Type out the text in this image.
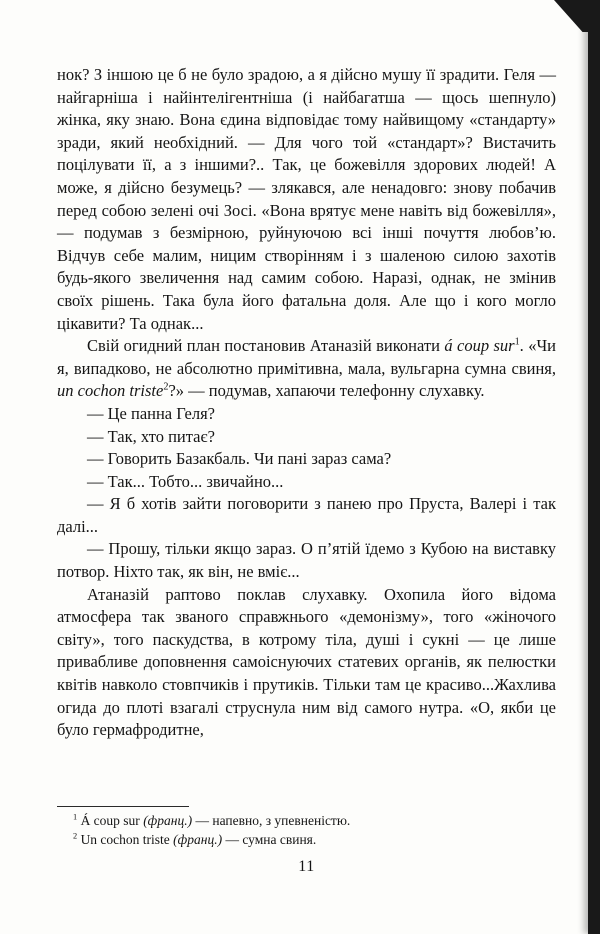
нок? З іншою це б не було зрадою, а я дійсно мушу її зрадити. Геля — найгарніша і найінтелігентніша (і найбагатша — щось шепнуло) жінка, яку знаю. Вона єдина відповідає тому найвищому «стандарту» зради, який необхідний. — Для чого той «стандарт»? Вистачить поцілувати її, а з іншими?.. Так, це божевілля здорових людей! А може, я дійсно безумець? — злякався, але ненадовго: знову побачив перед собою зелені очі Зосі. «Вона врятує мене навіть від божевілля», — подумав з безмірною, руйнуючою всі інші почуття любов’ю. Відчув себе малим, ницим створінням і з шаленою силою захотів будь-якого звеличення над самим собою. Наразі, однак, не змінив своїх рішень. Така була його фатальна доля. Але що і кого могло цікавити? Та однак...

Свій огидний план постановив Атаназій виконати á coup sur$^1$. «Чи я, випадково, не абсолютно примітивна, мала, вульгарна сумна свиня, un cochon triste$^2$?» — подумав, хапаючи телефонну слухавку.

— Це панна Геля?

— Так, хто питає?

— Говорить Базакбаль. Чи пані зараз сама?

— Так... Тобто... звичайно...

— Я б хотів зайти поговорити з панею про Пруста, Валері і так далі...

— Прошу, тільки якщо зараз. О п’ятій їдемо з Кубою на виставку потвор. Ніхто так, як він, не вміє...

Атаназій раптово поклав слухавку. Охопила його відома атмосфера так званого справжнього «демонізму», того «жіночого світу», того паскудства, в котрому тіла, душі і сукні — це лише привабливе доповнення самоіснуючих статевих органів, як пелюстки квітів навколо стовпчиків і прутиків. Тільки там це красиво...Жахлива огида до плоті взагалі струснула ним від самого нутра. «О, якби це було гермафродитне,

$^1$ Á coup sur (франц.) — напевно, з упевненістю.

$^2$ Un cochon triste (франц.) — сумна свиня.

11
